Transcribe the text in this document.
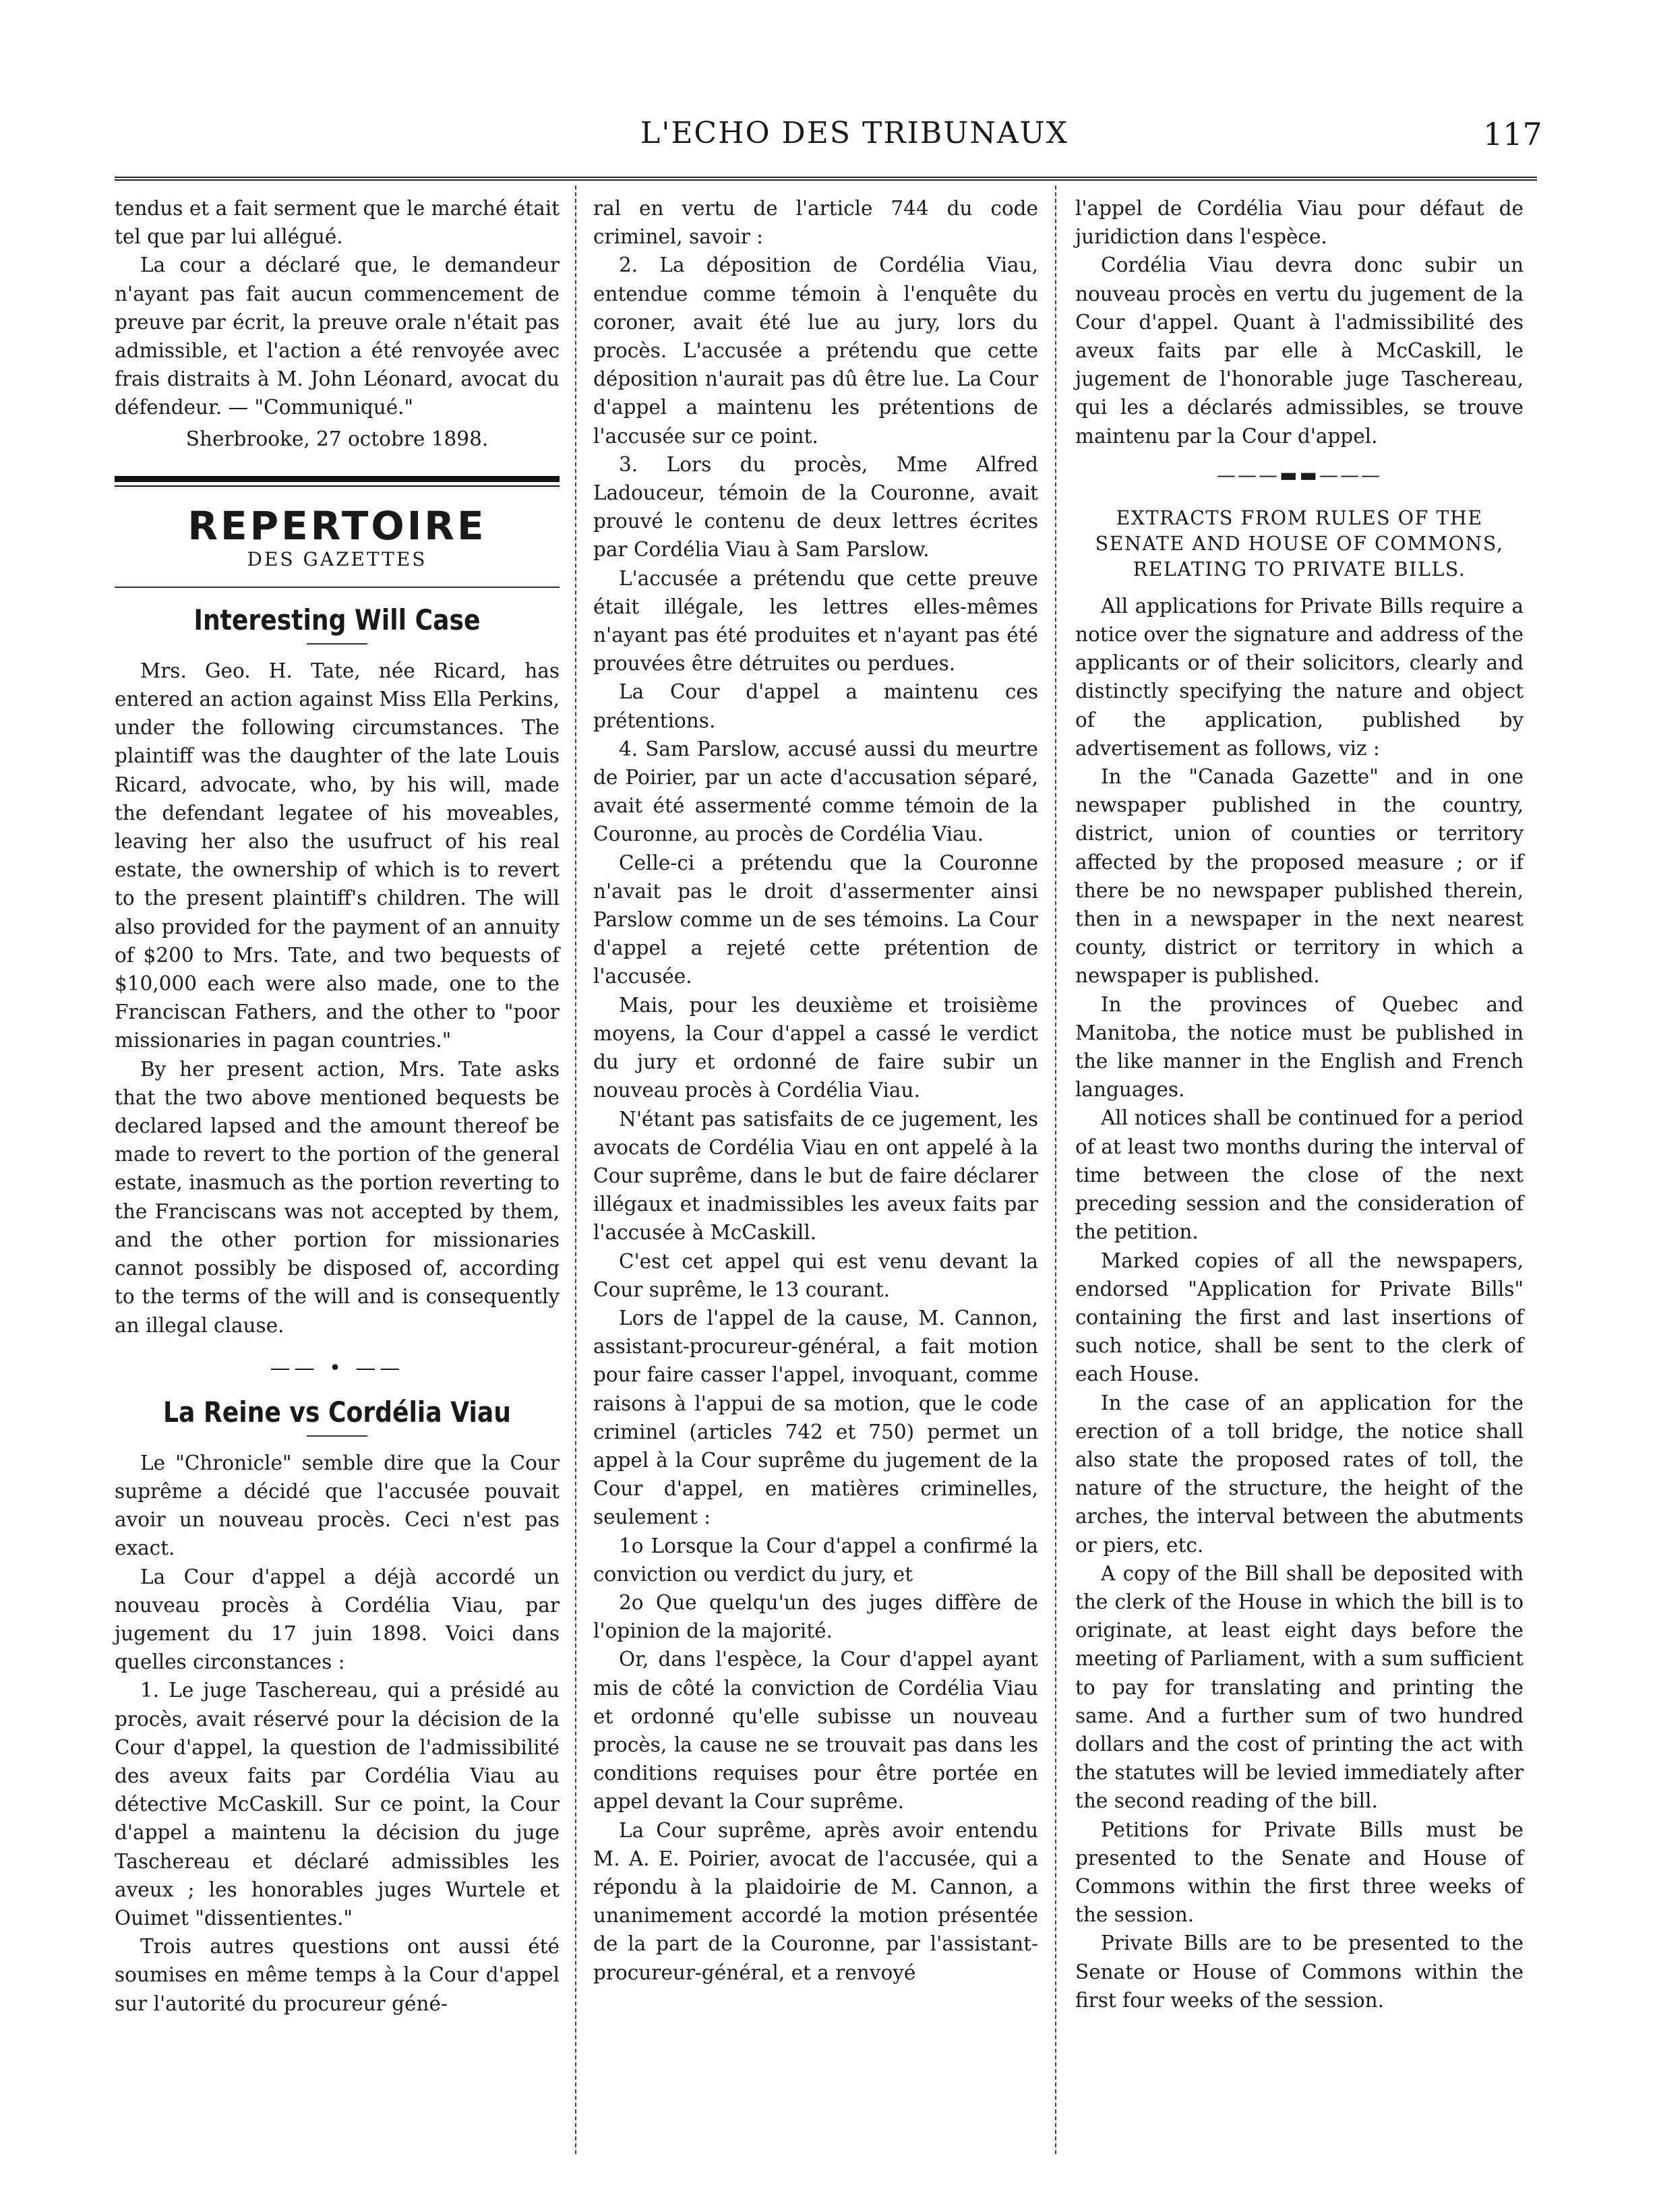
L'ECHO DES TRIBUNAUX	117

tendus et a fait serment que le marché était tel que par lui allégué.

La cour a déclaré que, le demandeur n'ayant pas fait aucun commencement de preuve par écrit, la preuve orale n'était pas admissible, et l'action a été renvoyée avec frais distraits à M. John Léonard, avocat du défendeur. — "Communiqué."

Sherbrooke, 27 octobre 1898.

REPERTOIRE
DES GAZETTES
Interesting Will Case

Mrs. Geo. H. Tate, née Ricard, has entered an action against Miss Ella Perkins, under the following circumstances. The plaintiff was the daughter of the late Louis Ricard, advocate, who, by his will, made the defendant legatee of his moveables, leaving her also the usufruct of his real estate, the ownership of which is to revert to the present plaintiff's children. The will also provided for the payment of an annuity of $200 to Mrs. Tate, and two bequests of $10,000 each were also made, one to the Franciscan Fathers, and the other to "poor missionaries in pagan countries."

By her present action, Mrs. Tate asks that the two above mentioned bequests be declared lapsed and the amount thereof be made to revert to the portion of the general estate, inasmuch as the portion reverting to the Franciscans was not accepted by them, and the other portion for missionaries cannot possibly be disposed of, according to the terms of the will and is consequently an illegal clause.

—— • ——
La Reine vs Cordélia Viau

Le "Chronicle" semble dire que la Cour suprême a décidé que l'accusée pouvait avoir un nouveau procès. Ceci n'est pas exact.

La Cour d'appel a déjà accordé un nouveau procès à Cordélia Viau, par jugement du 17 juin 1898. Voici dans quelles circonstances :

1. Le juge Taschereau, qui a présidé au procès, avait réservé pour la décision de la Cour d'appel, la question de l'admissibilité des aveux faits par Cordélia Viau au détective McCaskill. Sur ce point, la Cour d'appel a maintenu la décision du juge Taschereau et déclaré admissibles les aveux ; les honorables juges Wurtele et Ouimet "dissentientes."

Trois autres questions ont aussi été soumises en même temps à la Cour d'appel sur l'autorité du procureur géné-

ral en vertu de l'article 744 du code criminel, savoir :

2. La déposition de Cordélia Viau, entendue comme témoin à l'enquête du coroner, avait été lue au jury, lors du procès. L'accusée a prétendu que cette déposition n'aurait pas dû être lue. La Cour d'appel a maintenu les prétentions de l'accusée sur ce point.

3. Lors du procès, Mme Alfred Ladouceur, témoin de la Couronne, avait prouvé le contenu de deux lettres écrites par Cordélia Viau à Sam Parslow.

L'accusée a prétendu que cette preuve était illégale, les lettres elles-mêmes n'ayant pas été produites et n'ayant pas été prouvées être détruites ou perdues.

La Cour d'appel a maintenu ces prétentions.

4. Sam Parslow, accusé aussi du meurtre de Poirier, par un acte d'accusation séparé, avait été assermenté comme témoin de la Couronne, au procès de Cordélia Viau.

Celle-ci a prétendu que la Couronne n'avait pas le droit d'assermenter ainsi Parslow comme un de ses témoins. La Cour d'appel a rejeté cette prétention de l'accusée.

Mais, pour les deuxième et troisième moyens, la Cour d'appel a cassé le verdict du jury et ordonné de faire subir un nouveau procès à Cordélia Viau.

N'étant pas satisfaits de ce jugement, les avocats de Cordélia Viau en ont appelé à la Cour suprême, dans le but de faire déclarer illégaux et inadmissibles les aveux faits par l'accusée à McCaskill.

C'est cet appel qui est venu devant la Cour suprême, le 13 courant.

Lors de l'appel de la cause, M. Cannon, assistant-procureur-général, a fait motion pour faire casser l'appel, invoquant, comme raisons à l'appui de sa motion, que le code criminel (articles 742 et 750) permet un appel à la Cour suprême du jugement de la Cour d'appel, en matières criminelles, seulement :

1o Lorsque la Cour d'appel a confirmé la conviction ou verdict du jury, et

2o Que quelqu'un des juges diffère de l'opinion de la majorité.

Or, dans l'espèce, la Cour d'appel ayant mis de côté la conviction de Cordélia Viau et ordonné qu'elle subisse un nouveau procès, la cause ne se trouvait pas dans les conditions requises pour être portée en appel devant la Cour suprême.

La Cour suprême, après avoir entendu M. A. E. Poirier, avocat de l'accusée, qui a répondu à la plaidoirie de M. Cannon, a unanimement accordé la motion présentée de la part de la Couronne, par l'assistant-procureur-général, et a renvoyé

l'appel de Cordélia Viau pour défaut de juridiction dans l'espèce.

Cordélia Viau devra donc subir un nouveau procès en vertu du jugement de la Cour d'appel. Quant à l'admissibilité des aveux faits par elle à McCaskill, le jugement de l'honorable juge Taschereau, qui les a déclarés admissibles, se trouve maintenu par la Cour d'appel.

———▬▬———
EXTRACTS FROM RULES OF THE SENATE AND HOUSE OF COMMONS, RELATING TO PRIVATE BILLS.

All applications for Private Bills require a notice over the signature and address of the applicants or of their solicitors, clearly and distinctly specifying the nature and object of the application, published by advertisement as follows, viz :

In the "Canada Gazette" and in one newspaper published in the country, district, union of counties or territory affected by the proposed measure ; or if there be no newspaper published therein, then in a newspaper in the next nearest county, district or territory in which a newspaper is published.

In the provinces of Quebec and Manitoba, the notice must be published in the like manner in the English and French languages.

All notices shall be continued for a period of at least two months during the interval of time between the close of the next preceding session and the consideration of the petition.

Marked copies of all the newspapers, endorsed "Application for Private Bills" containing the first and last insertions of such notice, shall be sent to the clerk of each House.

In the case of an application for the erection of a toll bridge, the notice shall also state the proposed rates of toll, the nature of the structure, the height of the arches, the interval between the abutments or piers, etc.

A copy of the Bill shall be deposited with the clerk of the House in which the bill is to originate, at least eight days before the meeting of Parliament, with a sum sufficient to pay for translating and printing the same. And a further sum of two hundred dollars and the cost of printing the act with the statutes will be levied immediately after the second reading of the bill.

Petitions for Private Bills must be presented to the Senate and House of Commons within the first three weeks of the session.

Private Bills are to be presented to the Senate or House of Commons within the first four weeks of the session.
